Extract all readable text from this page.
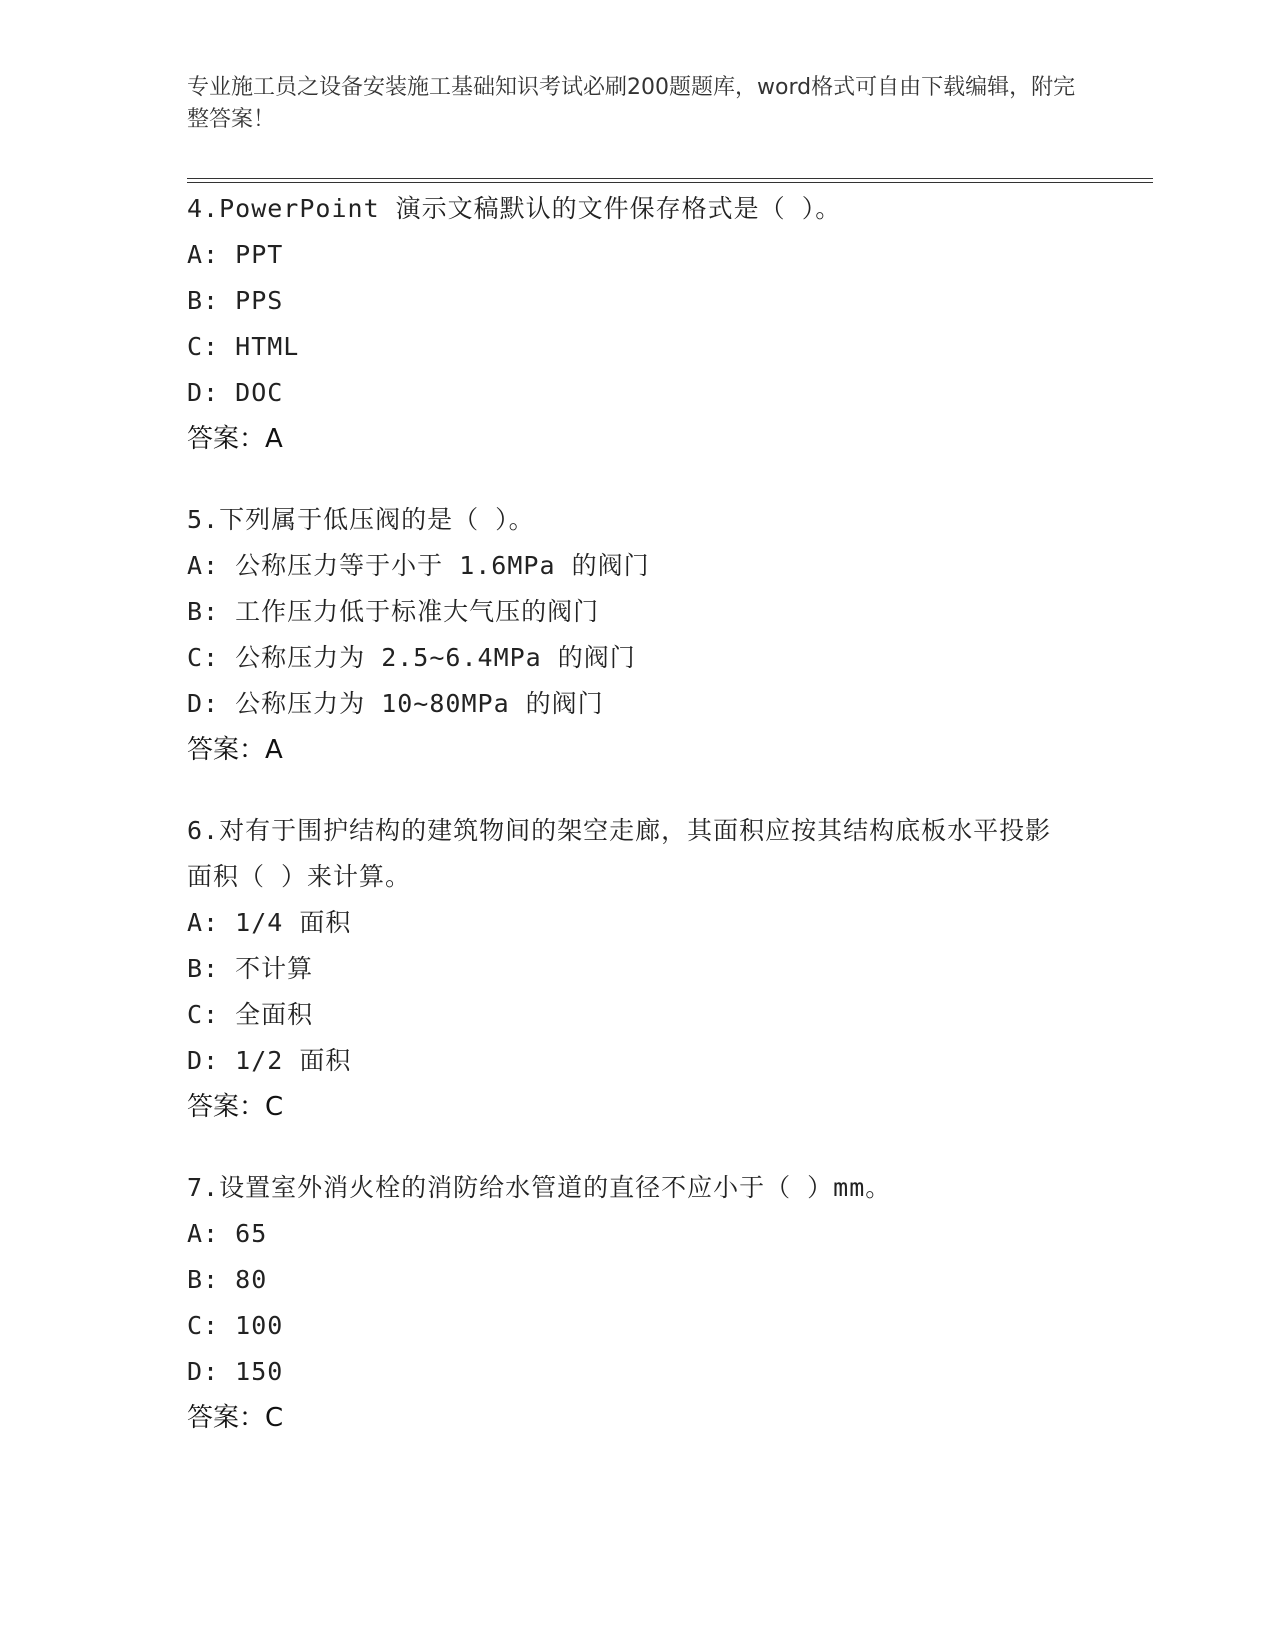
专业施工员之设备安装施工基础知识考试必刷200题题库，word格式可自由下载编辑，附完整答案！
4.PowerPoint 演示文稿默认的文件保存格式是（ ）。
A: PPT
B: PPS
C: HTML
D: DOC
答案：A
5.下列属于低压阀的是（ ）。
A: 公称压力等于小于 1.6MPa 的阀门
B: 工作压力低于标准大气压的阀门
C: 公称压力为 2.5~6.4MPa 的阀门
D: 公称压力为 10~80MPa 的阀门
答案：A
6.对有于围护结构的建筑物间的架空走廊，其面积应按其结构底板水平投影面积（ ）来计算。
A: 1/4 面积
B: 不计算
C: 全面积
D: 1/2 面积
答案：C
7.设置室外消火栓的消防给水管道的直径不应小于（ ）mm。
A: 65
B: 80
C: 100
D: 150
答案：C
